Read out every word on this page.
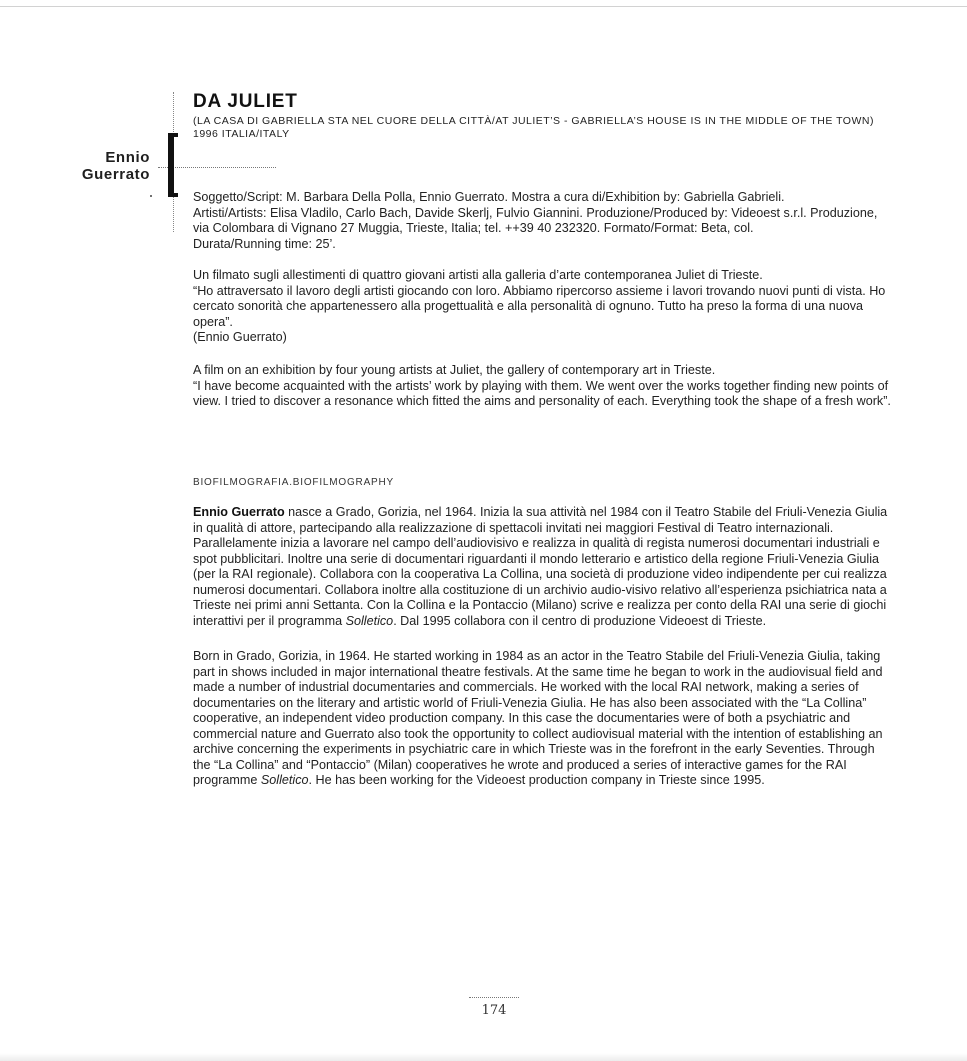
Ennio Guerrato
DA JULIET
(LA CASA DI GABRIELLA STA NEL CUORE DELLA CITTÀ/AT JULIET’S - GABRIELLA’S HOUSE IS IN THE MIDDLE OF THE TOWN)
1996 ITALIA/ITALY

Soggetto/Script: M. Barbara Della Polla, Ennio Guerrato. Mostra a cura di/Exhibition by: Gabriella Gabrieli.

Artisti/Artists: Elisa Vladilo, Carlo Bach, Davide Skerlj, Fulvio Giannini. Produzione/Produced by: Videoest s.r.l. Produzione, via Colombara di Vignano 27 Muggia, Trieste, Italia; tel. ++39 40 232320. Formato/Format: Beta, col.

Durata/Running time: 25’.

Un filmato sugli allestimenti di quattro giovani artisti alla galleria d’arte contemporanea Juliet di Trieste.

“Ho attraversato il lavoro degli artisti giocando con loro. Abbiamo ripercorso assieme i lavori trovando nuovi punti di vista. Ho cercato sonorità che appartenessero alla progettualità e alla personalità di ognuno. Tutto ha preso la forma di una nuova opera”.

(Ennio Guerrato)

A film on an exhibition by four young artists at Juliet, the gallery of contemporary art in Trieste.

“I have become acquainted with the artists’ work by playing with them. We went over the works together finding new points of view. I tried to discover a resonance which fitted the aims and personality of each. Everything took the shape of a fresh work”.

BIOFILMOGRAFIA.BIOFILMOGRAPHY

Ennio Guerrato nasce a Grado, Gorizia, nel 1964. Inizia la sua attività nel 1984 con il Teatro Stabile del Friuli-Venezia Giulia in qualità di attore, partecipando alla realizzazione di spettacoli invitati nei maggiori Festival di Teatro internazionali. Parallelamente inizia a lavorare nel campo dell’audiovisivo e realizza in qualità di regista numerosi documentari industriali e spot pubblicitari. Inoltre una serie di documentari riguardanti il mondo letterario e artistico della regione Friuli-Venezia Giulia (per la RAI regionale). Collabora con la cooperativa La Collina, una società di produzione video indipendente per cui realizza numerosi documentari. Collabora inoltre alla costituzione di un archivio audio-visivo relativo all’esperienza psichiatrica nata a Trieste nei primi anni Settanta. Con la Collina e la Pontaccio (Milano) scrive e realizza per conto della RAI una serie di giochi interattivi per il programma Solletico. Dal 1995 collabora con il centro di produzione Videoest di Trieste.

Born in Grado, Gorizia, in 1964. He started working in 1984 as an actor in the Teatro Stabile del Friuli-Venezia Giulia, taking part in shows included in major international theatre festivals. At the same time he began to work in the audiovisual field and made a number of industrial documentaries and commercials. He worked with the local RAI network, making a series of documentaries on the literary and artistic world of Friuli-Venezia Giulia. He has also been associated with the “La Collina” cooperative, an independent video production company. In this case the documentaries were of both a psychiatric and commercial nature and Guerrato also took the opportunity to collect audiovisual material with the intention of establishing an archive concerning the experiments in psychiatric care in which Trieste was in the forefront in the early Seventies. Through the “La Collina” and “Pontaccio” (Milan) cooperatives he wrote and produced a series of interactive games for the RAI programme Solletico. He has been working for the Videoest production company in Trieste since 1995.

174
